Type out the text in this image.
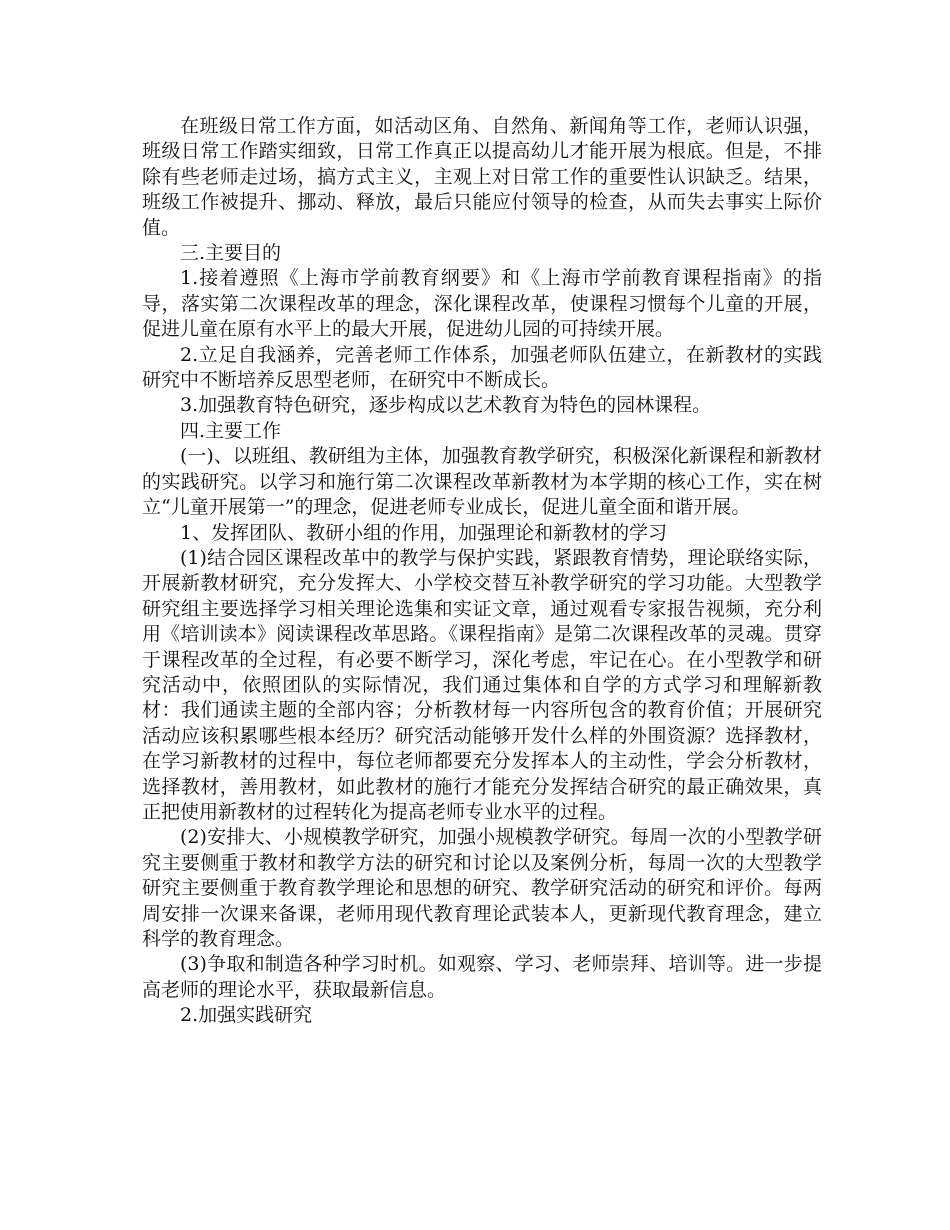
在班级日常工作方面，如活动区角、自然角、新闻角等工作，老师认识强，班级日常工作踏实细致，日常工作真正以提高幼儿才能开展为根底。但是，不排除有些老师走过场，搞方式主义，主观上对日常工作的重要性认识缺乏。结果，班级工作被提升、挪动、释放，最后只能应付领导的检查，从而失去事实上际价值。

三.主要目的

1.接着遵照《上海市学前教育纲要》和《上海市学前教育课程指南》的指导，落实第二次课程改革的理念，深化课程改革，使课程习惯每个儿童的开展，促进儿童在原有水平上的最大开展，促进幼儿园的可持续开展。

2.立足自我涵养，完善老师工作体系，加强老师队伍建立，在新教材的实践研究中不断培养反思型老师，在研究中不断成长。

3.加强教育特色研究，逐步构成以艺术教育为特色的园林课程。

四.主要工作

(一)、以班组、教研组为主体，加强教育教学研究，积极深化新课程和新教材的实践研究。以学习和施行第二次课程改革新教材为本学期的核心工作，实在树立“儿童开展第一”的理念，促进老师专业成长，促进儿童全面和谐开展。

1、发挥团队、教研小组的作用，加强理论和新教材的学习

(1)结合园区课程改革中的教学与保护实践，紧跟教育情势，理论联络实际，开展新教材研究，充分发挥大、小学校交替互补教学研究的学习功能。大型教学研究组主要选择学习相关理论选集和实证文章，通过观看专家报告视频，充分利用《培训读本》阅读课程改革思路。《课程指南》是第二次课程改革的灵魂。贯穿于课程改革的全过程，有必要不断学习，深化考虑，牢记在心。在小型教学和研究活动中，依照团队的实际情况，我们通过集体和自学的方式学习和理解新教材：我们通读主题的全部内容；分析教材每一内容所包含的教育价值；开展研究活动应该积累哪些根本经历？研究活动能够开发什么样的外围资源？选择教材，在学习新教材的过程中，每位老师都要充分发挥本人的主动性，学会分析教材，选择教材，善用教材，如此教材的施行才能充分发挥结合研究的最正确效果，真正把使用新教材的过程转化为提高老师专业水平的过程。

(2)安排大、小规模教学研究，加强小规模教学研究。每周一次的小型教学研究主要侧重于教材和教学方法的研究和讨论以及案例分析，每周一次的大型教学研究主要侧重于教育教学理论和思想的研究、教学研究活动的研究和评价。每两周安排一次课来备课，老师用现代教育理论武装本人，更新现代教育理念，建立科学的教育理念。

(3)争取和制造各种学习时机。如观察、学习、老师崇拜、培训等。进一步提高老师的理论水平，获取最新信息。

2.加强实践研究
